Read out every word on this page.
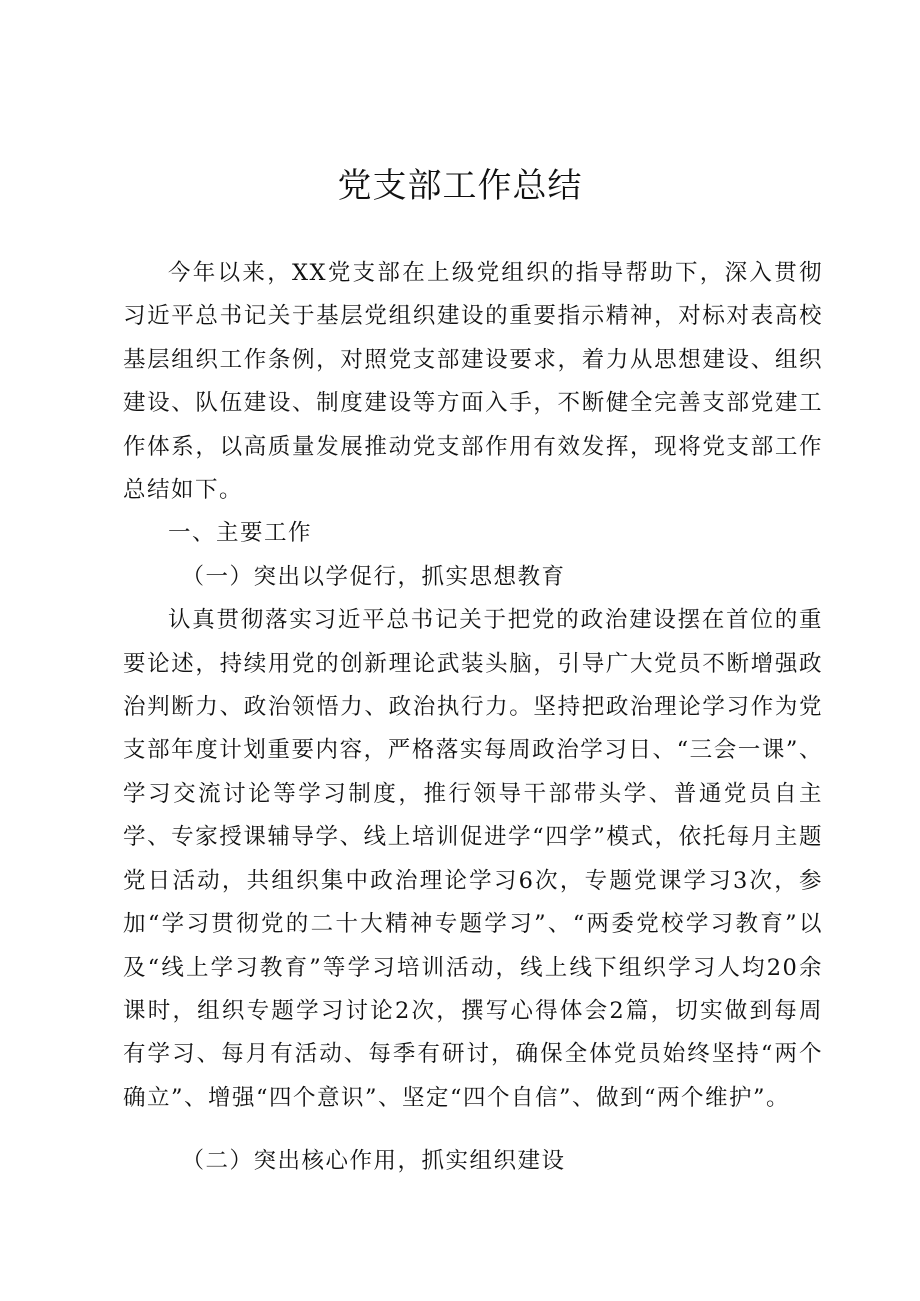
党支部工作总结

今年以来，XX党支部在上级党组织的指导帮助下，深入贯彻习近平总书记关于基层党组织建设的重要指示精神，对标对表高校基层组织工作条例，对照党支部建设要求，着力从思想建设、组织建设、队伍建设、制度建设等方面入手，不断健全完善支部党建工作体系，以高质量发展推动党支部作用有效发挥，现将党支部工作总结如下。

一、主要工作

（一）突出以学促行，抓实思想教育

认真贯彻落实习近平总书记关于把党的政治建设摆在首位的重要论述，持续用党的创新理论武装头脑，引导广大党员不断增强政治判断力、政治领悟力、政治执行力。坚持把政治理论学习作为党支部年度计划重要内容，严格落实每周政治学习日、“三会一课”、学习交流讨论等学习制度，推行领导干部带头学、普通党员自主学、专家授课辅导学、线上培训促进学“四学”模式，依托每月主题党日活动，共组织集中政治理论学习6次，专题党课学习3次，参加“学习贯彻党的二十大精神专题学习”、“两委党校学习教育”以及“线上学习教育”等学习培训活动，线上线下组织学习人均20余课时，组织专题学习讨论2次，撰写心得体会2篇，切实做到每周有学习、每月有活动、每季有研讨，确保全体党员始终坚持“两个确立”、增强“四个意识”、坚定“四个自信”、做到“两个维护”。

（二）突出核心作用，抓实组织建设
